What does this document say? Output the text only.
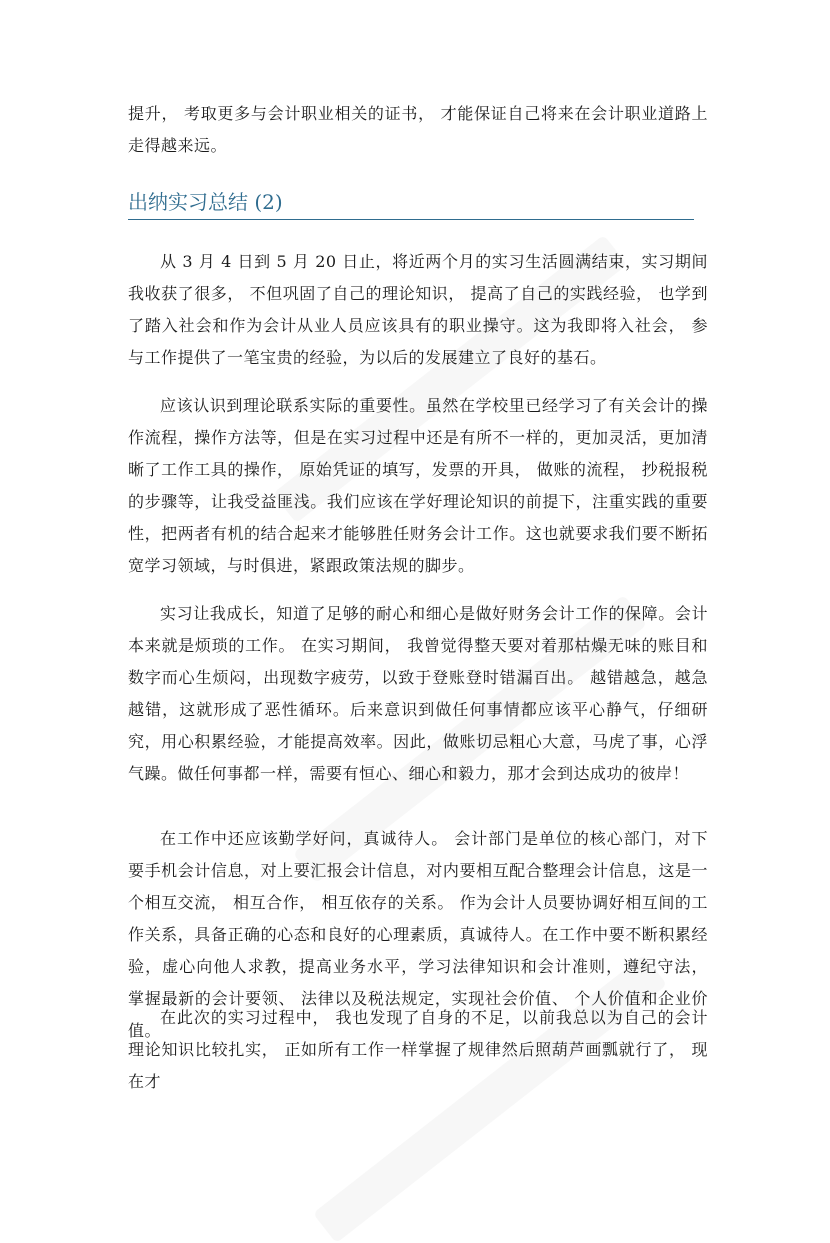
提升， 考取更多与会计职业相关的证书， 才能保证自己将来在会计职业道路上走得越来远。

出纳实习总结 (2)

从 3 月 4 日到 5 月 20 日止，将近两个月的实习生活圆满结束，实习期间我收获了很多， 不但巩固了自己的理论知识， 提高了自己的实践经验， 也学到了踏入社会和作为会计从业人员应该具有的职业操守。这为我即将入社会， 参与工作提供了一笔宝贵的经验，为以后的发展建立了良好的基石。

应该认识到理论联系实际的重要性。虽然在学校里已经学习了有关会计的操作流程，操作方法等，但是在实习过程中还是有所不一样的，更加灵活，更加清晰了工作工具的操作， 原始凭证的填写，发票的开具， 做账的流程， 抄税报税的步骤等，让我受益匪浅。我们应该在学好理论知识的前提下，注重实践的重要性，把两者有机的结合起来才能够胜任财务会计工作。这也就要求我们要不断拓宽学习领域，与时俱进，紧跟政策法规的脚步。

实习让我成长，知道了足够的耐心和细心是做好财务会计工作的保障。会计本来就是烦琐的工作。 在实习期间， 我曾觉得整天要对着那枯燥无味的账目和数字而心生烦闷，出现数字疲劳，以致于登账登时错漏百出。 越错越急，越急越错，这就形成了恶性循环。后来意识到做任何事情都应该平心静气，仔细研究，用心积累经验，才能提高效率。因此，做账切忌粗心大意，马虎了事，心浮气躁。做任何事都一样，需要有恒心、细心和毅力，那才会到达成功的彼岸！

在工作中还应该勤学好问，真诚待人。 会计部门是单位的核心部门，对下要手机会计信息，对上要汇报会计信息，对内要相互配合整理会计信息，这是一个相互交流， 相互合作， 相互依存的关系。 作为会计人员要协调好相互间的工作关系，具备正确的心态和良好的心理素质，真诚待人。在工作中要不断积累经验，虚心向他人求教，提高业务水平，学习法律知识和会计准则，遵纪守法， 掌握最新的会计要领、 法律以及税法规定，实现社会价值、 个人价值和企业价值。

在此次的实习过程中， 我也发现了自身的不足，以前我总以为自己的会计理论知识比较扎实， 正如所有工作一样掌握了规律然后照葫芦画瓢就行了， 现在才
